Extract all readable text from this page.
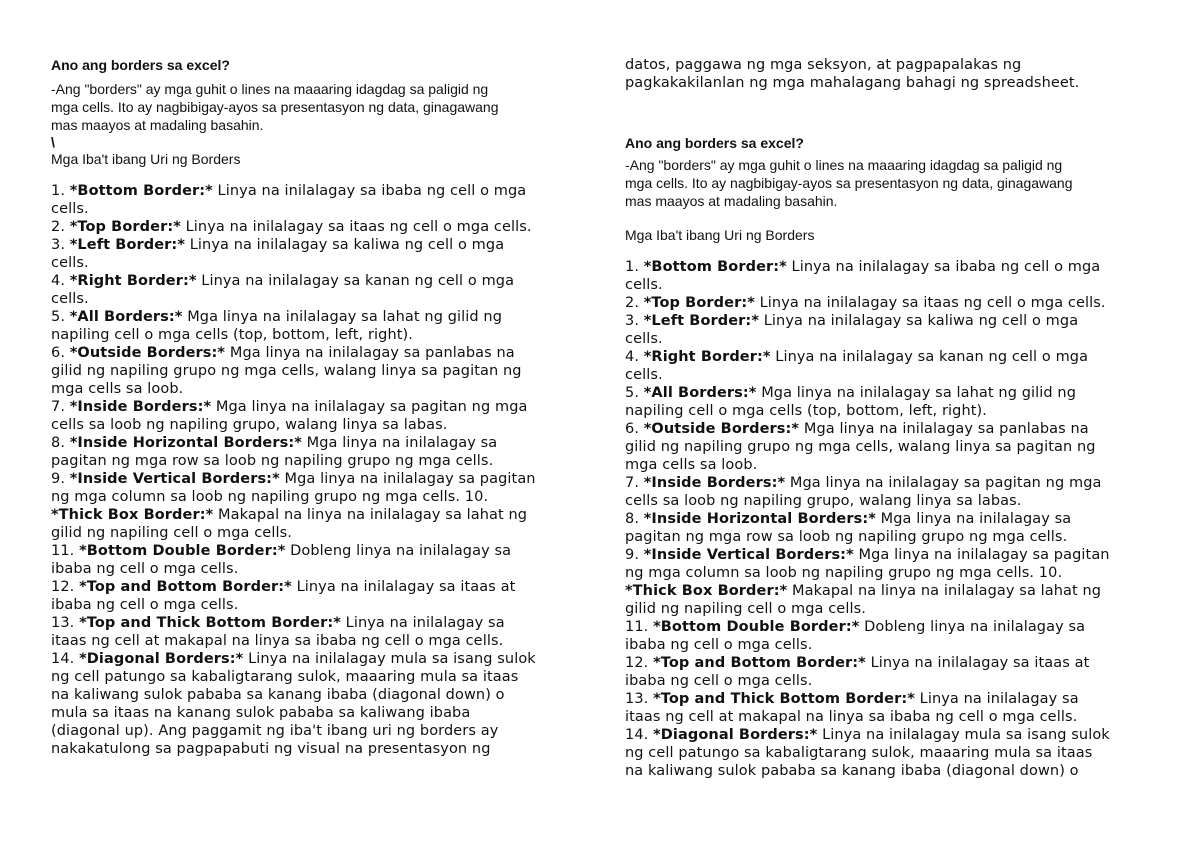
Ano ang borders sa excel?
-Ang "borders" ay mga guhit o lines na maaaring idagdag sa paligid ng
mga cells. Ito ay nagbibigay-ayos sa presentasyon ng data, ginagawang
mas maayos at madaling basahin.
\
Mga Iba't ibang Uri ng Borders
1. *Bottom Border:* Linya na inilalagay sa ibaba ng cell o mga
cells.
2. *Top Border:* Linya na inilalagay sa itaas ng cell o mga cells.
3. *Left Border:* Linya na inilalagay sa kaliwa ng cell o mga
cells.
4. *Right Border:* Linya na inilalagay sa kanan ng cell o mga
cells.
5. *All Borders:* Mga linya na inilalagay sa lahat ng gilid ng
napiling cell o mga cells (top, bottom, left, right).
6. *Outside Borders:* Mga linya na inilalagay sa panlabas na
gilid ng napiling grupo ng mga cells, walang linya sa pagitan ng
mga cells sa loob.
7. *Inside Borders:* Mga linya na inilalagay sa pagitan ng mga
cells sa loob ng napiling grupo, walang linya sa labas.
8. *Inside Horizontal Borders:* Mga linya na inilalagay sa
pagitan ng mga row sa loob ng napiling grupo ng mga cells.
9. *Inside Vertical Borders:* Mga linya na inilalagay sa pagitan
ng mga column sa loob ng napiling grupo ng mga cells. 10.
*Thick Box Border:* Makapal na linya na inilalagay sa lahat ng
gilid ng napiling cell o mga cells.
11. *Bottom Double Border:* Dobleng linya na inilalagay sa
ibaba ng cell o mga cells.
12. *Top and Bottom Border:* Linya na inilalagay sa itaas at
ibaba ng cell o mga cells.
13. *Top and Thick Bottom Border:* Linya na inilalagay sa
itaas ng cell at makapal na linya sa ibaba ng cell o mga cells.
14. *Diagonal Borders:* Linya na inilalagay mula sa isang sulok
ng cell patungo sa kabaligtarang sulok, maaaring mula sa itaas
na kaliwang sulok pababa sa kanang ibaba (diagonal down) o
mula sa itaas na kanang sulok pababa sa kaliwang ibaba
(diagonal up). Ang paggamit ng iba't ibang uri ng borders ay
nakakatulong sa pagpapabuti ng visual na presentasyon ng
datos, paggawa ng mga seksyon, at pagpapalakas ng
pagkakakilanlan ng mga mahalagang bahagi ng spreadsheet.
Ano ang borders sa excel?
-Ang "borders" ay mga guhit o lines na maaaring idagdag sa paligid ng
mga cells. Ito ay nagbibigay-ayos sa presentasyon ng data, ginagawang
mas maayos at madaling basahin.
Mga Iba't ibang Uri ng Borders
1. *Bottom Border:* Linya na inilalagay sa ibaba ng cell o mga
cells.
2. *Top Border:* Linya na inilalagay sa itaas ng cell o mga cells.
3. *Left Border:* Linya na inilalagay sa kaliwa ng cell o mga
cells.
4. *Right Border:* Linya na inilalagay sa kanan ng cell o mga
cells.
5. *All Borders:* Mga linya na inilalagay sa lahat ng gilid ng
napiling cell o mga cells (top, bottom, left, right).
6. *Outside Borders:* Mga linya na inilalagay sa panlabas na
gilid ng napiling grupo ng mga cells, walang linya sa pagitan ng
mga cells sa loob.
7. *Inside Borders:* Mga linya na inilalagay sa pagitan ng mga
cells sa loob ng napiling grupo, walang linya sa labas.
8. *Inside Horizontal Borders:* Mga linya na inilalagay sa
pagitan ng mga row sa loob ng napiling grupo ng mga cells.
9. *Inside Vertical Borders:* Mga linya na inilalagay sa pagitan
ng mga column sa loob ng napiling grupo ng mga cells. 10.
*Thick Box Border:* Makapal na linya na inilalagay sa lahat ng
gilid ng napiling cell o mga cells.
11. *Bottom Double Border:* Dobleng linya na inilalagay sa
ibaba ng cell o mga cells.
12. *Top and Bottom Border:* Linya na inilalagay sa itaas at
ibaba ng cell o mga cells.
13. *Top and Thick Bottom Border:* Linya na inilalagay sa
itaas ng cell at makapal na linya sa ibaba ng cell o mga cells.
14. *Diagonal Borders:* Linya na inilalagay mula sa isang sulok
ng cell patungo sa kabaligtarang sulok, maaaring mula sa itaas
na kaliwang sulok pababa sa kanang ibaba (diagonal down) o
